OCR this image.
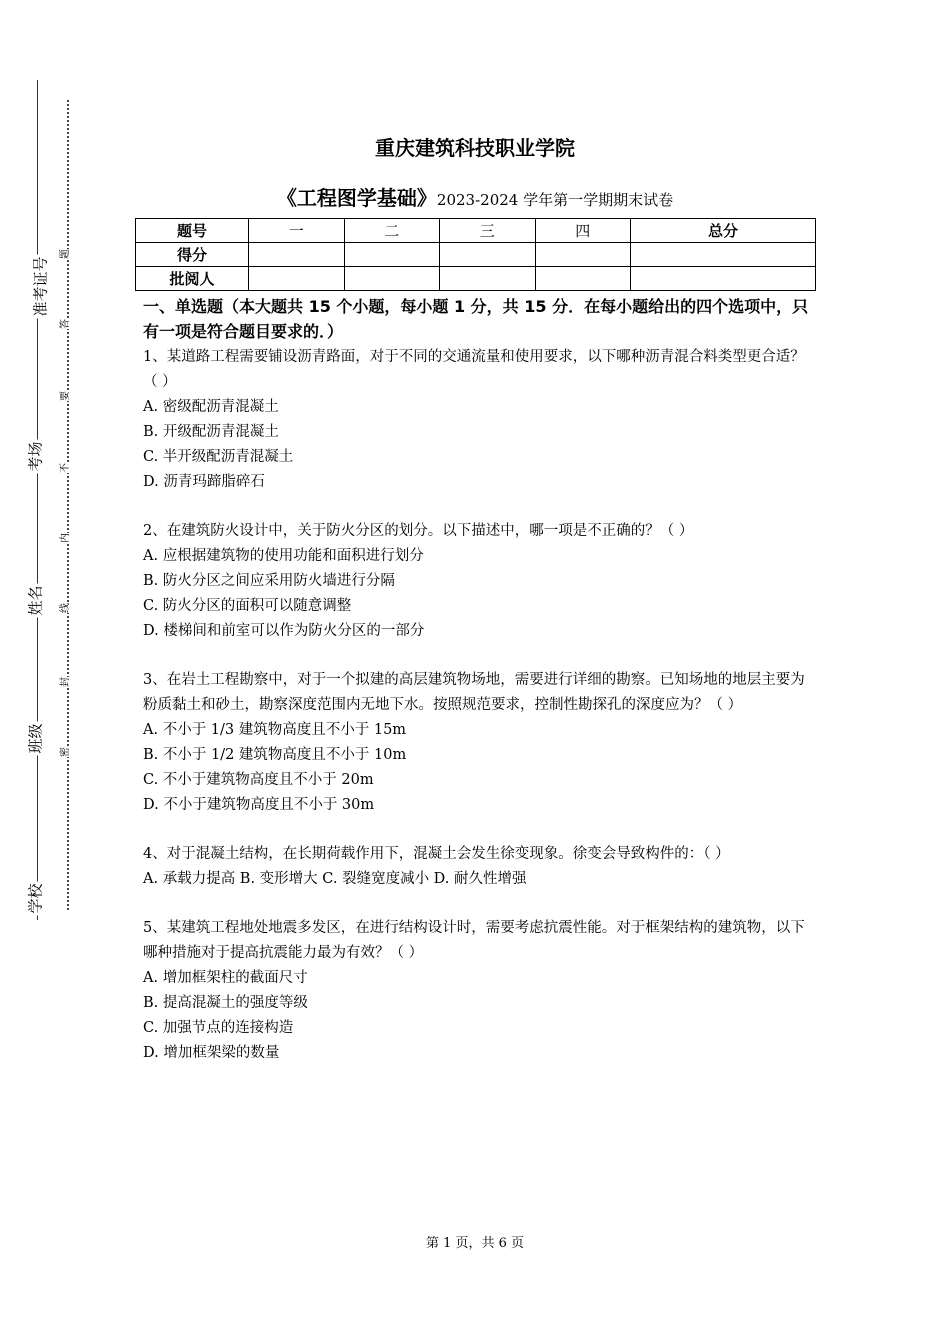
学校
班级
姓名
考场
准考证号
密
封
线
内
不
要
答
题
重庆建筑科技职业学院
《工程图学基础》2023-2024 学年第一学期期末试卷
题号	一	二	三	四	总分
得分					
批阅人					
一、单选题（本大题共 15 个小题，每小题 1 分，共 15 分．在每小题给出的四个选项中，只有一项是符合题目要求的．）

1、某道路工程需要铺设沥青路面，对于不同的交通流量和使用要求，以下哪种沥青混合料类型更合适？（ ）

A. 密级配沥青混凝土

B. 开级配沥青混凝土

C. 半开级配沥青混凝土

D. 沥青玛蹄脂碎石

2、在建筑防火设计中，关于防火分区的划分。以下描述中，哪一项是不正确的？（ ）

A. 应根据建筑物的使用功能和面积进行划分

B. 防火分区之间应采用防火墙进行分隔

C. 防火分区的面积可以随意调整

D. 楼梯间和前室可以作为防火分区的一部分

3、在岩土工程勘察中，对于一个拟建的高层建筑物场地，需要进行详细的勘察。已知场地的地层主要为粉质黏土和砂土，勘察深度范围内无地下水。按照规范要求，控制性勘探孔的深度应为？（ ）

A. 不小于 1/3 建筑物高度且不小于 15m

B. 不小于 1/2 建筑物高度且不小于 10m

C. 不小于建筑物高度且不小于 20m

D. 不小于建筑物高度且不小于 30m

4、对于混凝土结构，在长期荷载作用下，混凝土会发生徐变现象。徐变会导致构件的：（ ）

A. 承载力提高 B. 变形增大 C. 裂缝宽度减小 D. 耐久性增强

5、某建筑工程地处地震多发区，在进行结构设计时，需要考虑抗震性能。对于框架结构的建筑物，以下哪种措施对于提高抗震能力最为有效？（ ）

A. 增加框架柱的截面尺寸

B. 提高混凝土的强度等级

C. 加强节点的连接构造

D. 增加框架梁的数量

第 1 页，共 6 页
